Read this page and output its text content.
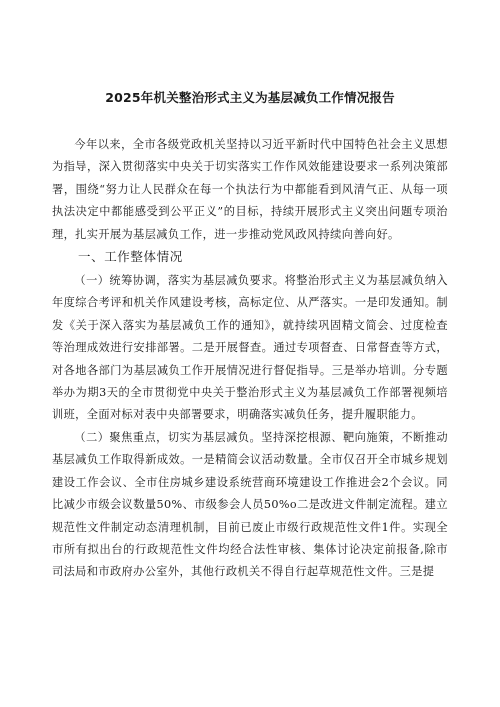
2025年机关整治形式主义为基层减负工作情况报告

今年以来，全市各级党政机关坚持以习近平新时代中国特色社会主义思想为指导，深入贯彻落实中央关于切实落实工作作风效能建设要求一系列决策部署，围绕“努力让人民群众在每一个执法行为中都能看到风清气正、从每一项执法决定中都能感受到公平正义”的目标，持续开展形式主义突出问题专项治理，扎实开展为基层减负工作，进一步推动党风政风持续向善向好。

一、工作整体情况

（一）统筹协调，落实为基层减负要求。将整治形式主义为基层减负纳入年度综合考评和机关作风建设考核，高标定位、从严落实。一是印发通知。制发《关于深入落实为基层减负工作的通知》，就持续巩固精文简会、过度检查等治理成效进行安排部署。二是开展督查。通过专项督查、日常督查等方式，对各地各部门为基层减负工作开展情况进行督促指导。三是举办培训。分专题举办为期3天的全市贯彻党中央关于整治形式主义为基层减负工作部署视频培训班，全面对标对表中央部署要求，明确落实减负任务，提升履职能力。

（二）聚焦重点，切实为基层减负。坚持深挖根源、靶向施策，不断推动基层减负工作取得新成效。一是精简会议活动数量。全市仅召开全市城乡规划建设工作会议、全市住房城乡建设系统营商环境建设工作推进会2个会议。同比减少市级会议数量50%、市级参会人员50%o二是改进文件制定流程。建立规范性文件制定动态清理机制，目前已废止市级行政规范性文件1件。实现全市所有拟出台的行政规范性文件均经合法性审核、集体讨论决定前报备,除市司法局和市政府办公室外，其他行政机关不得自行起草规范性文件。三是提
